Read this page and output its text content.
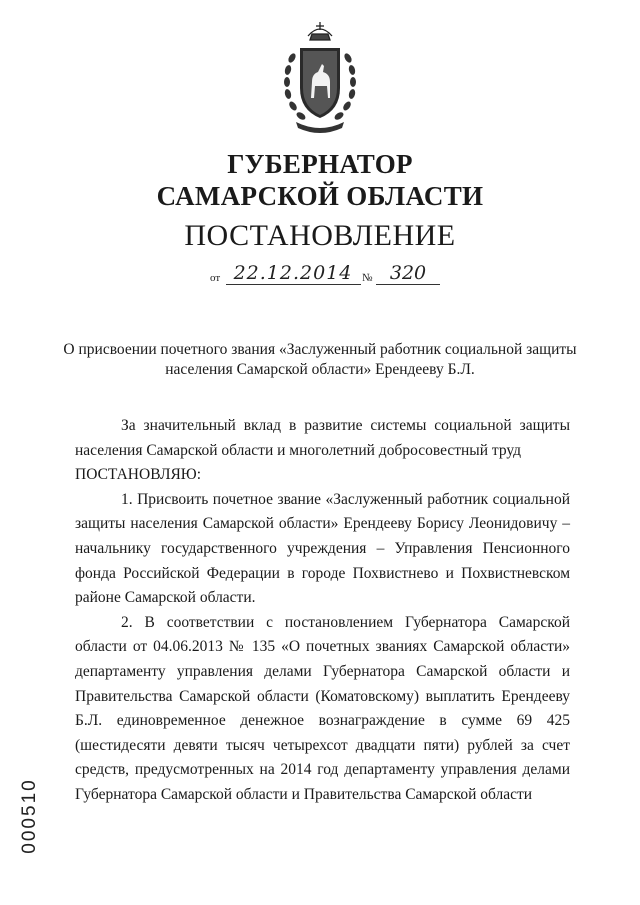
ГУБЕРНАТОР
САМАРСКОЙ ОБЛАСТИ
ПОСТАНОВЛЕНИЕ
от 22.12.2014 № 320
О присвоении почетного звания «Заслуженный работник социальной защиты населения Самарской области» Ерендееву Б.Л.

За значительный вклад в развитие системы социальной защиты населения Самарской области и многолетний добросовестный труд

ПОСТАНОВЛЯЮ:

1. Присвоить почетное звание «Заслуженный работник социальной защиты населения Самарской области» Ерендееву Борису Леонидовичу – начальнику государственного учреждения – Управления Пенсионного фонда Российской Федерации в городе Похвистнево и Похвистневском районе Самарской области.

2. В соответствии с постановлением Губернатора Самарской области от 04.06.2013 № 135 «О почетных званиях Самарской области» департаменту управления делами Губернатора Самарской области и Правительства Самарской области (Коматовскому) выплатить Ерендееву Б.Л. единовременное денежное вознаграждение в сумме 69 425 (шестидесяти девяти тысяч четырехсот двадцати пяти) рублей за счет средств, предусмотренных на 2014 год департаменту управления делами Губернатора Самарской области и Правительства Самарской области

000510
